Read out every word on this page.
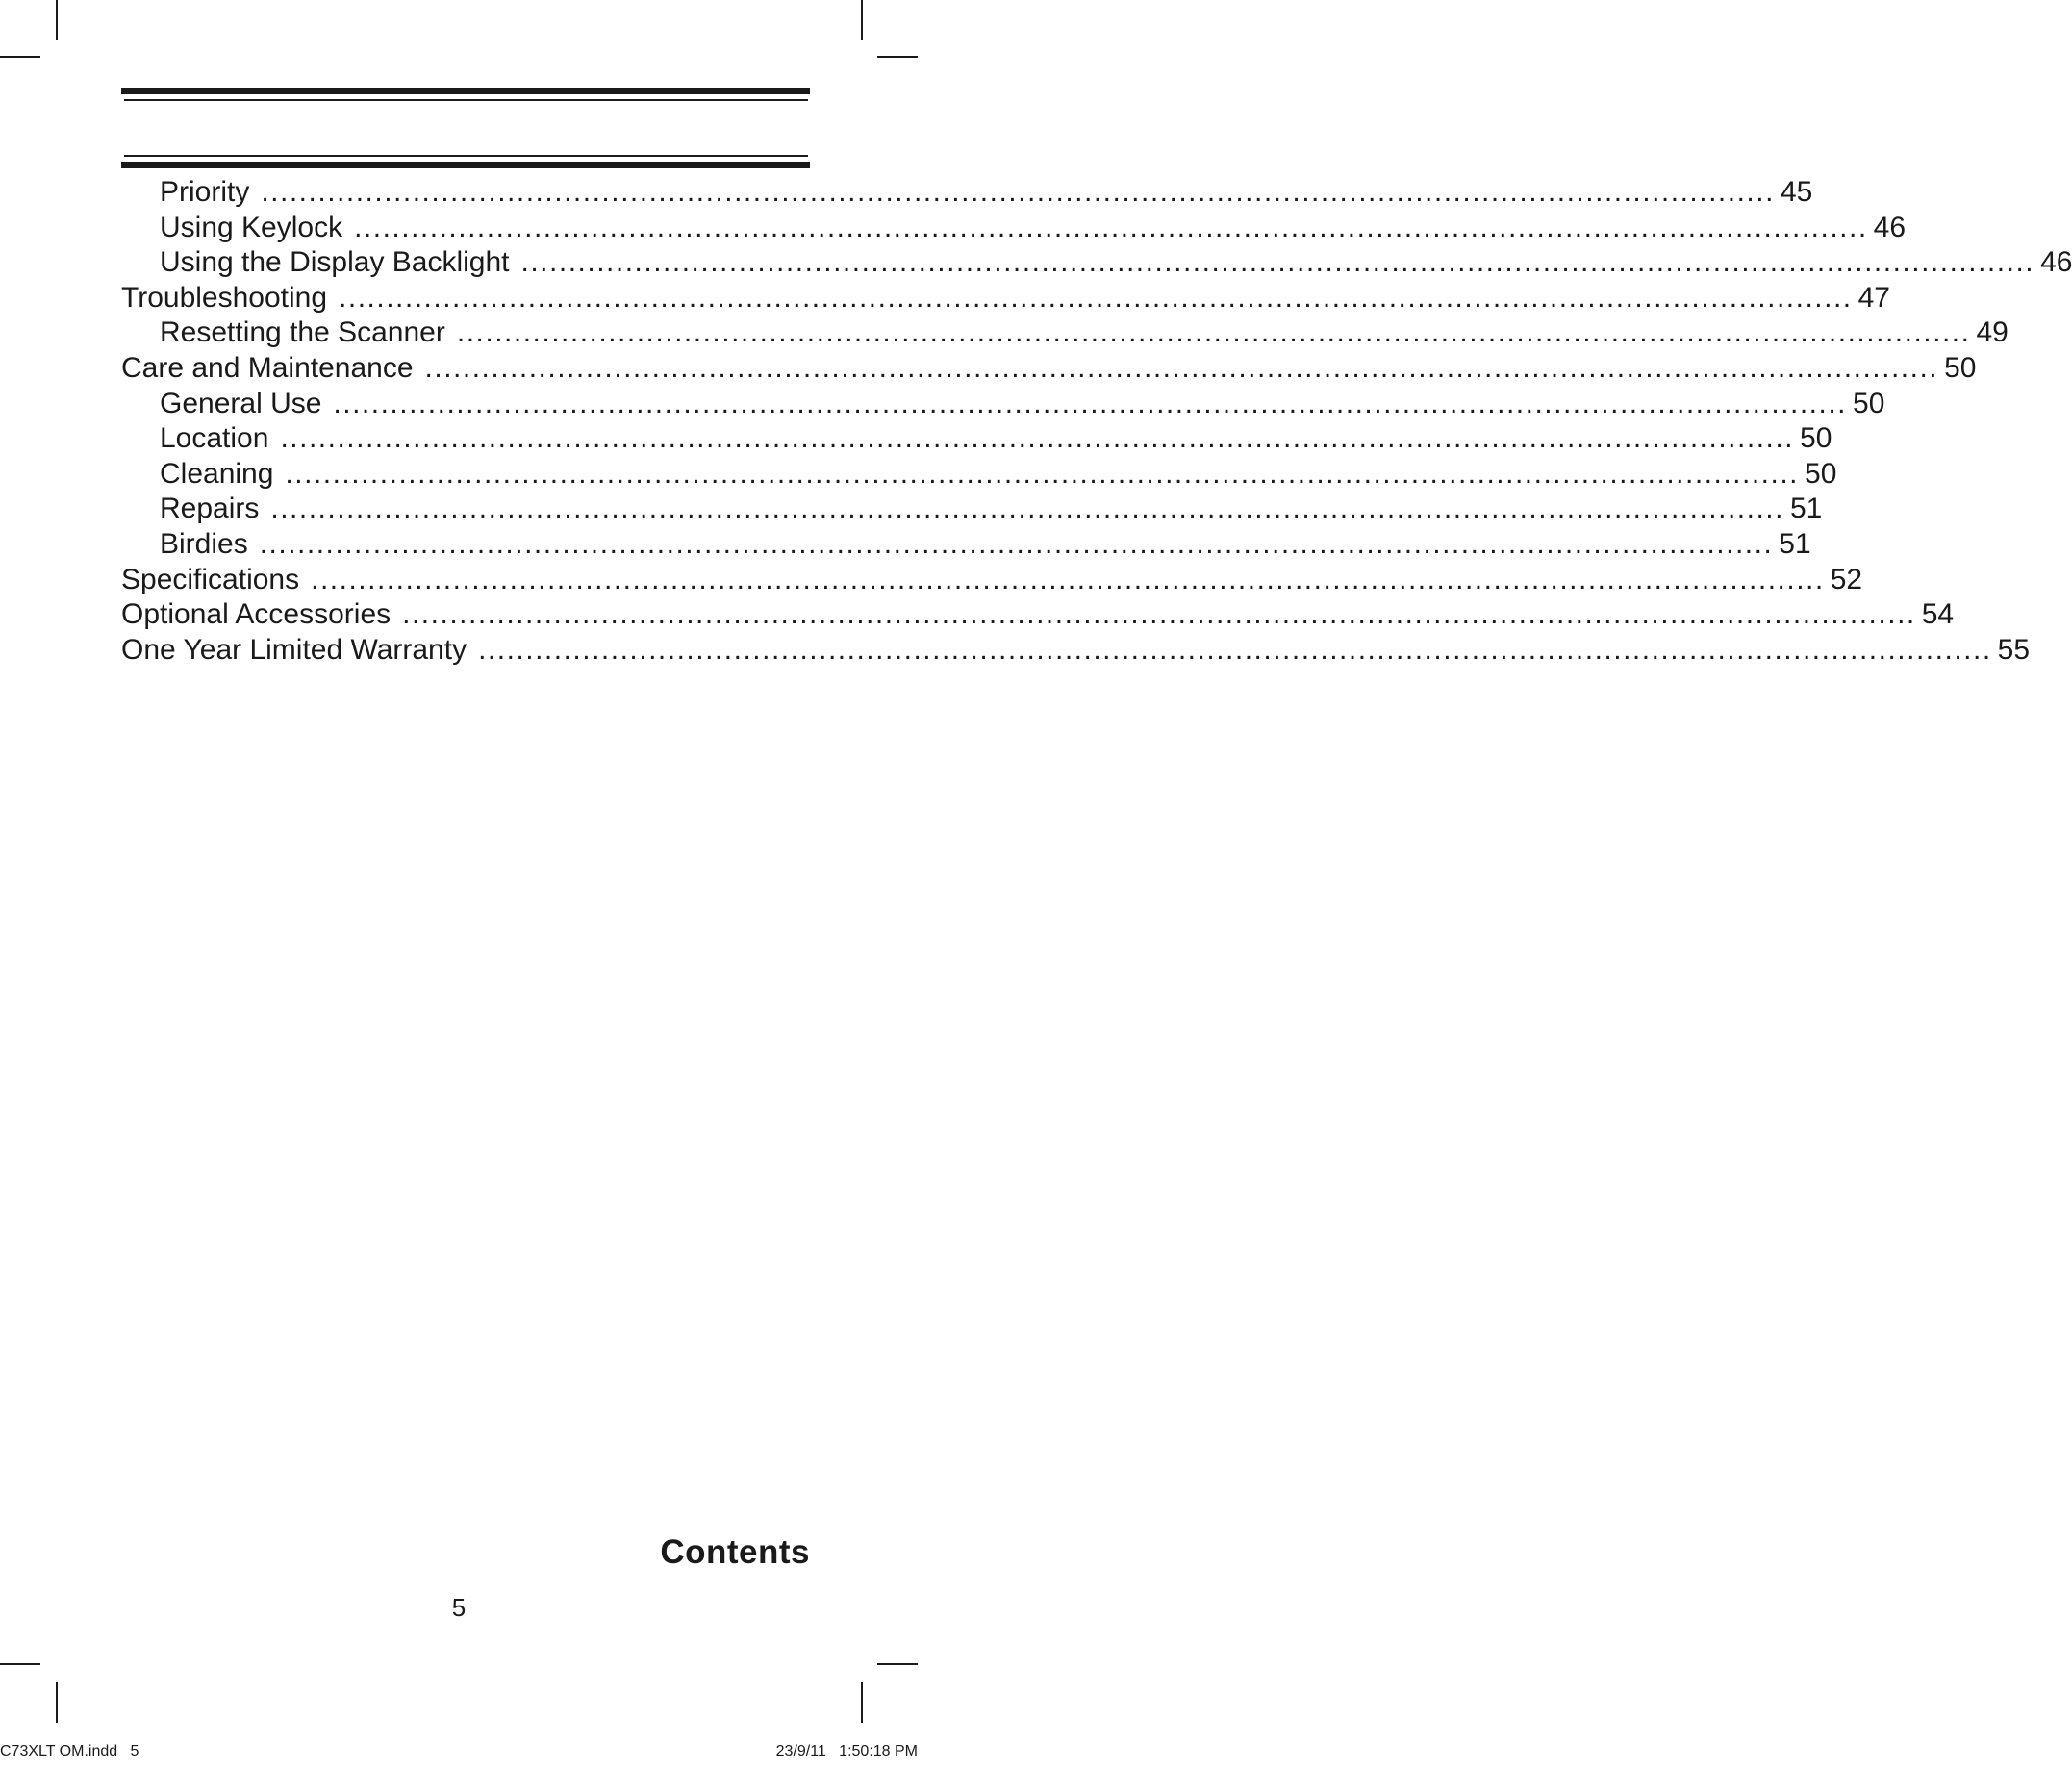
Priority ................................................................................................................................................................ 45
Using Keylock ................................................................................................................................................................ 46
Using the Display Backlight ................................................................................................................................................................ 46
Troubleshooting ................................................................................................................................................................ 47
Resetting the Scanner ................................................................................................................................................................ 49
Care and Maintenance ................................................................................................................................................................ 50
General Use ................................................................................................................................................................ 50
Location ................................................................................................................................................................ 50
Cleaning ................................................................................................................................................................ 50
Repairs ................................................................................................................................................................ 51
Birdies ................................................................................................................................................................ 51
Specifications ................................................................................................................................................................ 52
Optional Accessories ................................................................................................................................................................ 54
One Year Limited Warranty ................................................................................................................................................................ 55
Contents
5
C73XLT OM.indd   5	23/9/11   1:50:18 PM
